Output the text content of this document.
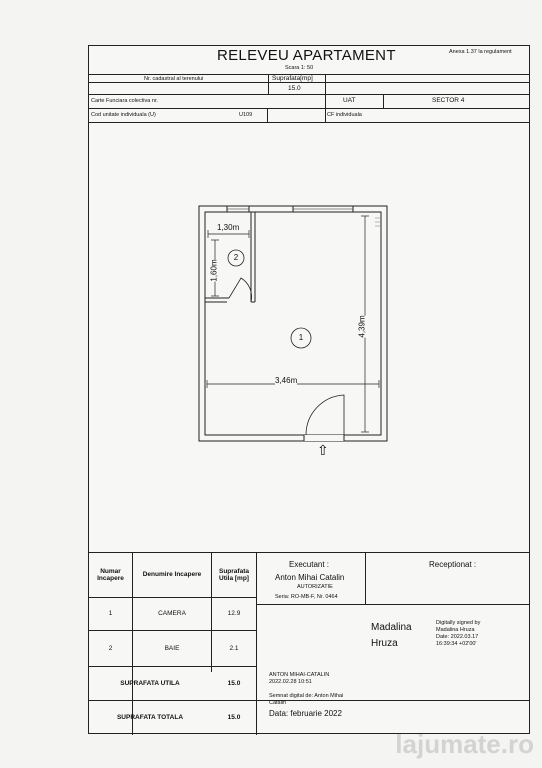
RELEVEU APARTAMENT	Anexa 1.37 la regulament
Scara 1: 50
Nr. cadastral al terenului	Suprafata[mp]
15.0
Carte Funciara colectiva nr.	UAT	SECTOR 4
Cod unitate individuala (U)	U109	CF individuala
1,30m
1,60m
4,39m
3,46m
2
1
⇧
Numar Incapere	Denumire Incapere	Suprafata Utila [mp]
1	CAMERA	12.9
2	BAIE	2.1
SUPRAFATA UTILA	15.0
SUPRAFATA TOTALA	15.0
Executant :
Anton Mihai Catalin
AUTORIZATIE
Seria: RO-MB-F, Nr. 0464
ANTON MIHAI-CATALIN
2022.02.28 10:51
Semnat digital de: Anton Mihai
Catalin
Data: februarie 2022
Receptionat :
Madalina
Hruza
Digitally signed by
Madalina Hruza
Date: 2022.03.17
16:39:34 +02'00'
lajumate.ro
